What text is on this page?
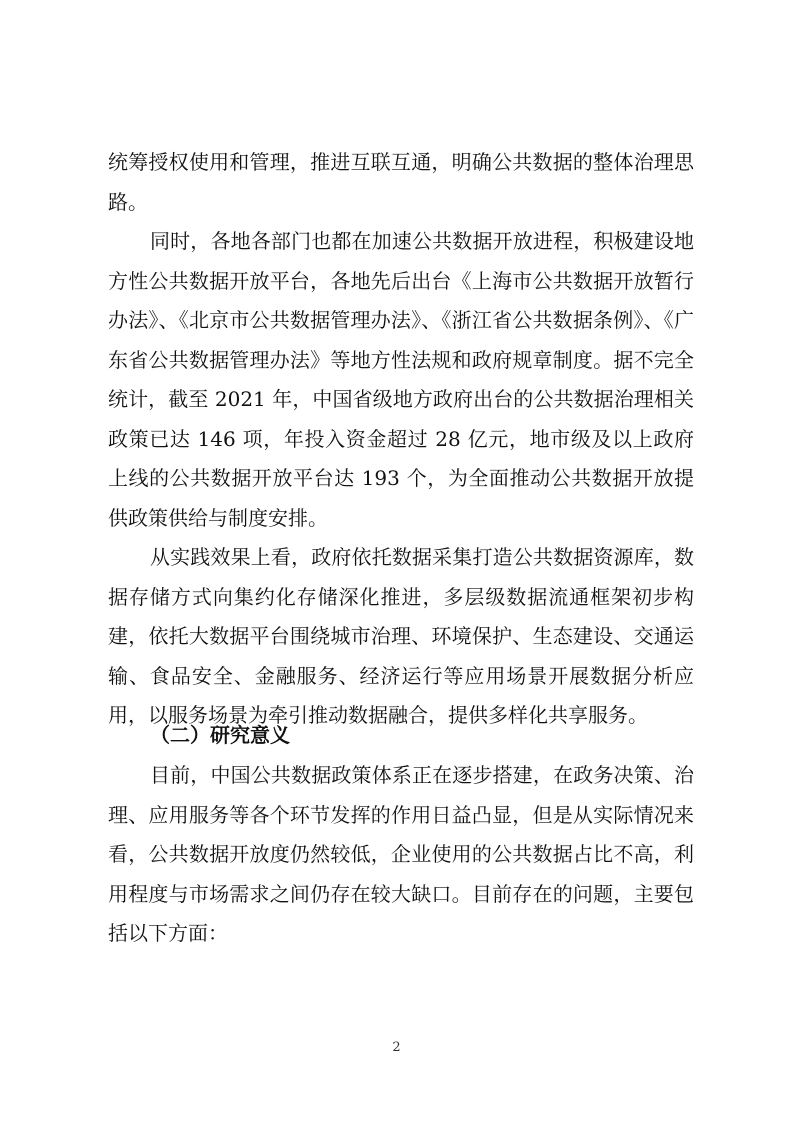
统筹授权使用和管理，推进互联互通，明确公共数据的整体治理思路。

同时，各地各部门也都在加速公共数据开放进程，积极建设地方性公共数据开放平台，各地先后出台《上海市公共数据开放暂行办法》、《北京市公共数据管理办法》、《浙江省公共数据条例》、《广东省公共数据管理办法》等地方性法规和政府规章制度。据不完全统计，截至 2021 年，中国省级地方政府出台的公共数据治理相关政策已达 146 项，年投入资金超过 28 亿元，地市级及以上政府上线的公共数据开放平台达 193 个，为全面推动公共数据开放提供政策供给与制度安排。

从实践效果上看，政府依托数据采集打造公共数据资源库，数据存储方式向集约化存储深化推进，多层级数据流通框架初步构建，依托大数据平台围绕城市治理、环境保护、生态建设、交通运输、食品安全、金融服务、经济运行等应用场景开展数据分析应用，以服务场景为牵引推动数据融合，提供多样化共享服务。

（二）研究意义

目前，中国公共数据政策体系正在逐步搭建，在政务决策、治理、应用服务等各个环节发挥的作用日益凸显，但是从实际情况来看，公共数据开放度仍然较低，企业使用的公共数据占比不高，利用程度与市场需求之间仍存在较大缺口。目前存在的问题，主要包括以下方面：

2
